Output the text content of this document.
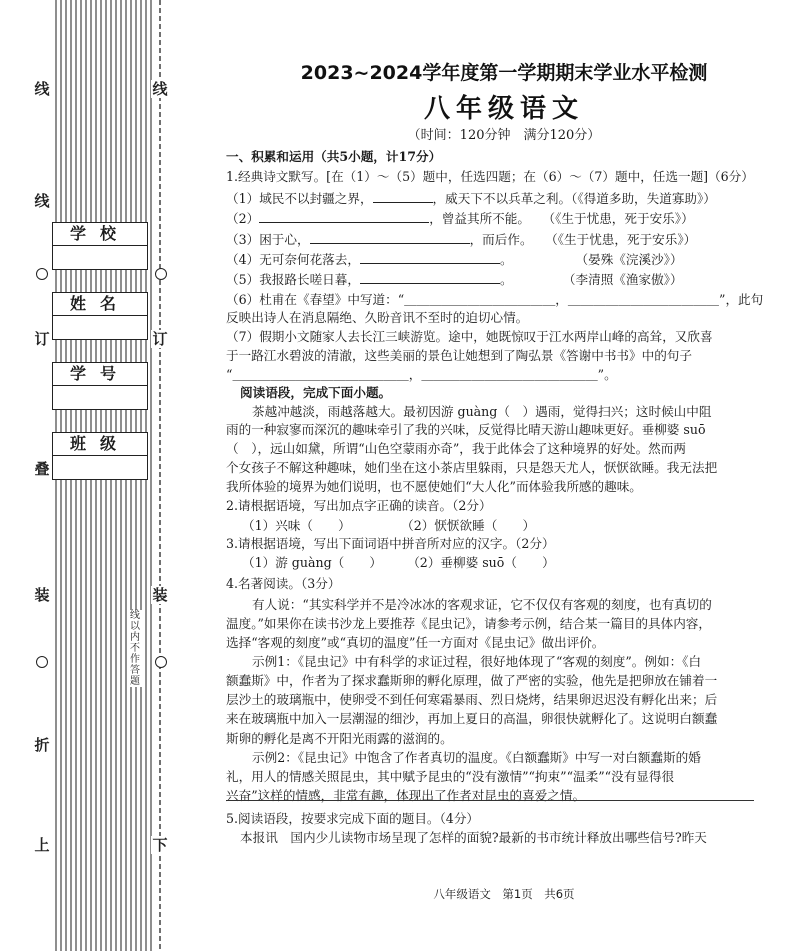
线
线
订
叠
装
折
上
线
订
装
下
学校
姓名
学号
班级
线以内不作答题
2023~2024学年度第一学期期末学业水平检测
八年级语文
（时间：120分钟　满分120分）
一、积累和运用（共5小题，计17分）
1.经典诗文默写。[在（1）～（5）题中，任选四题；在（6）～（7）题中，任选一题]（6分）
（1）域民不以封疆之界，	，威天下不以兵革之利。（《得道多助，失道寡助》）
（2）	，曾益其所不能。　　（《生于忧患，死于安乐》）
（3）困于心，	，而后作。　　（《生于忧患，死于安乐》）
（4）无可奈何花落去，	。　　　　　　（晏殊《浣溪沙》）
（5）我报路长嗟日暮，	。　　　　　（李清照《渔家傲》）
（6）杜甫在《春望》中写道：“＿＿＿＿＿＿＿＿＿＿＿＿，＿＿＿＿＿＿＿＿＿＿＿＿”，此句
反映出诗人在消息隔绝、久盼音讯不至时的迫切心情。
（7）假期小文随家人去长江三峡游览。途中，她既惊叹于江水两岸山峰的高耸，又欣喜
于一路江水碧波的清澈，这些美丽的景色让她想到了陶弘景《答谢中书书》中的句子
“＿＿＿＿＿＿＿＿＿＿＿＿＿＿，＿＿＿＿＿＿＿＿＿＿＿＿＿＿”。
阅读语段，完成下面小题。
茶越冲越淡，雨越落越大。最初因游 guàng（　）遇雨，觉得扫兴；这时候山中阻
雨的一种寂寥而深沉的趣味牵引了我的兴味，反觉得比晴天游山趣味更好。垂柳婆 suō
（　），远山如黛，所谓“山色空蒙雨亦奇”，我于此体会了这种境界的好处。然而两
个女孩子不解这种趣味，她们坐在这小茶店里躲雨，只是怨天尤人，恹恹欲睡。我无法把
我所体验的境界为她们说明，也不愿使她们“大人化”而体验我所感的趣味。
2.请根据语境，写出加点字正确的读音。（2分）
（1）兴味（　　）　　　　　（2）恹恹欲睡（　　）
3.请根据语境，写出下面词语中拼音所对应的汉字。（2分）
（1）游 guàng（　　）　　　（2）垂柳婆 suō（　　）
4.名著阅读。（3分）
有人说：“其实科学并不是冷冰冰的客观求证，它不仅仅有客观的刻度，也有真切的
温度。”如果你在读书沙龙上要推荐《昆虫记》，请参考示例，结合某一篇目的具体内容，
选择“客观的刻度”或“真切的温度”任一方面对《昆虫记》做出评价。
示例1：《昆虫记》中有科学的求证过程，很好地体现了“客观的刻度”。例如：《白
额蠢斯》中，作者为了探求蠢斯卵的孵化原理，做了严密的实验，他先是把卵放在铺着一
层沙土的玻璃瓶中，使卵受不到任何寒霜暴雨、烈日烧烤，结果卵迟迟没有孵化出来；后
来在玻璃瓶中加入一层潮湿的细沙，再加上夏日的高温，卵很快就孵化了。这说明白额蠢
斯卵的孵化是离不开阳光雨露的滋润的。
示例2：《昆虫记》中饱含了作者真切的温度。《白额蠢斯》中写一对白额蠢斯的婚
礼，用人的情感关照昆虫，其中赋予昆虫的“没有激情”“拘束”“温柔”“没有显得很
兴奋”这样的情感，非常有趣，体现出了作者对昆虫的喜爱之情。
5.阅读语段，按要求完成下面的题目。（4分）
本报讯　国内少儿读物市场呈现了怎样的面貌?最新的书市统计释放出哪些信号?昨天
八年级语文　第1页　共6页
